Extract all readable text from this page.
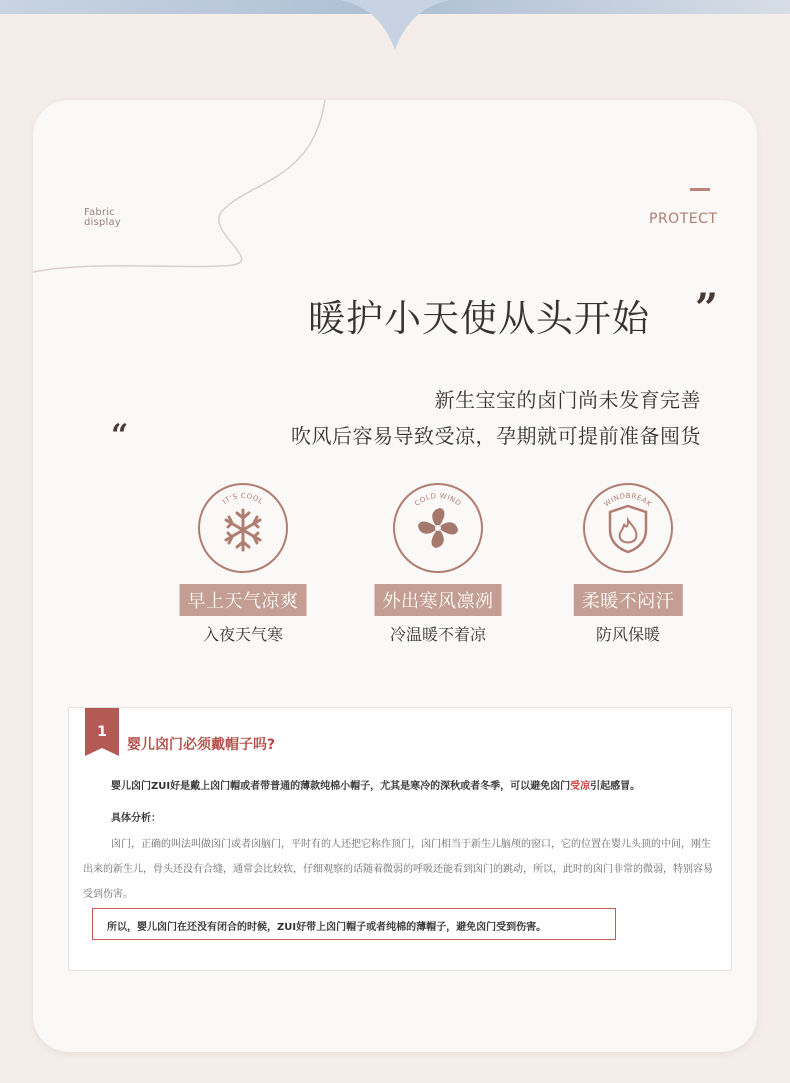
Fabric
display	PROTECT
暖护小天使从头开始 ”
“
新生宝宝的卤门尚未发育完善
吹风后容易导致受凉，孕期就可提前准备囤货
IT'S COOL
早上天气凉爽
入夜天气寒
COLD WIND
外出寒风凛冽
冷温暖不着凉
WINDBREAK
柔暖不闷汗
防风保暖
1
婴儿囟门必须戴帽子吗?
婴儿囟门ZUI好是戴上囟门帽或者带普通的薄款纯棉小帽子，尤其是寒冷的深秋或者冬季，可以避免囟门受凉引起感冒。
具体分析：
囟门，正确的叫法叫做囟门或者囟脑门，平时有的人还把它称作顶门，囟门相当于新生儿脑颅的窗口，它的位置在婴儿头顶的中间，刚生出来的新生儿，骨头还没有合缝，通常会比较软，仔细观察的话随着微弱的呼吸还能看到囟门的跳动，所以，此时的囟门非常的微弱，特别容易受到伤害。
所以，婴儿囟门在还没有闭合的时候，ZUI好带上囟门帽子或者纯棉的薄帽子，避免囟门受到伤害。
